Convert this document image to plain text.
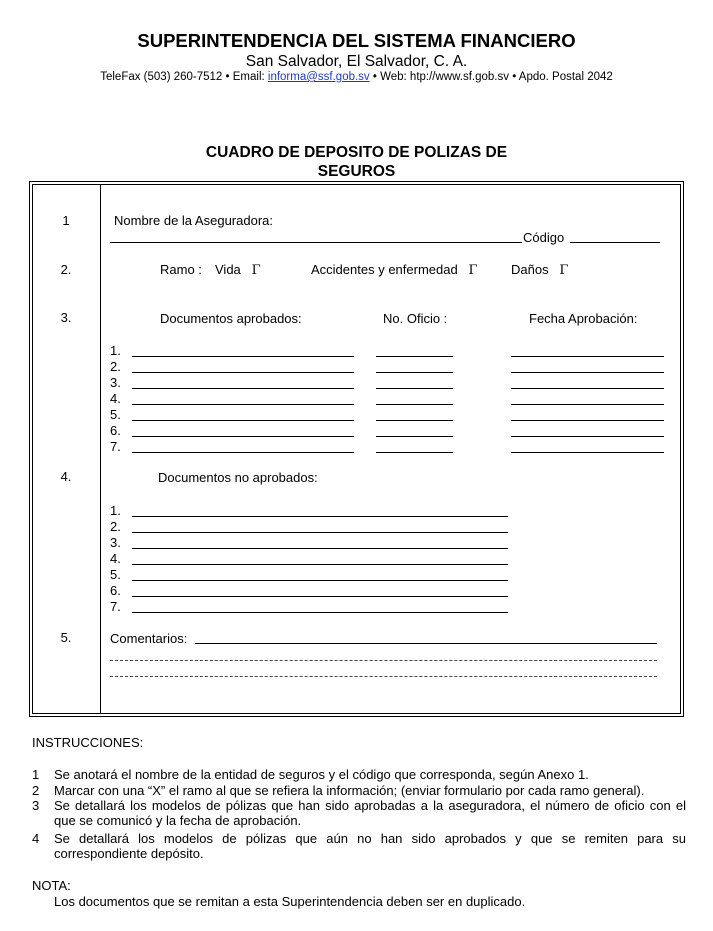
SUPERINTENDENCIA DEL SISTEMA FINANCIERO
San Salvador, El Salvador, C. A.
TeleFax (503) 260-7512 • Email: informa@ssf.gob.sv • Web: htp://www.sf.gob.sv • Apdo. Postal 2042
CUADRO DE DEPOSITO DE POLIZAS DE
SEGUROS
1	Nombre de la Aseguradora:
Código
2.	Ramo : Vida Γ	Accidentes y enfermedad Γ	Daños Γ
3.	Documentos aprobados:	No. Oficio :	Fecha Aprobación:
1.
2.
3.
4.
5.
6.
7.
4.	Documentos no aprobados:
1.
2.
3.
4.
5.
6.
7.
5.	Comentarios:
INSTRUCCIONES:
1 Se anotará el nombre de la entidad de seguros y el código que corresponda, según Anexo 1.
2 Marcar con una “X” el ramo al que se refiera la información; (enviar formulario por cada ramo general).
3 Se detallará los modelos de pólizas que han sido aprobadas a la aseguradora, el número de oficio con el
que se comunicó y la fecha de aprobación.
4 Se detallará los modelos de pólizas que aún no han sido aprobados y que se remiten para su
correspondiente depósito.
NOTA:
Los documentos que se remitan a esta Superintendencia deben ser en duplicado.
